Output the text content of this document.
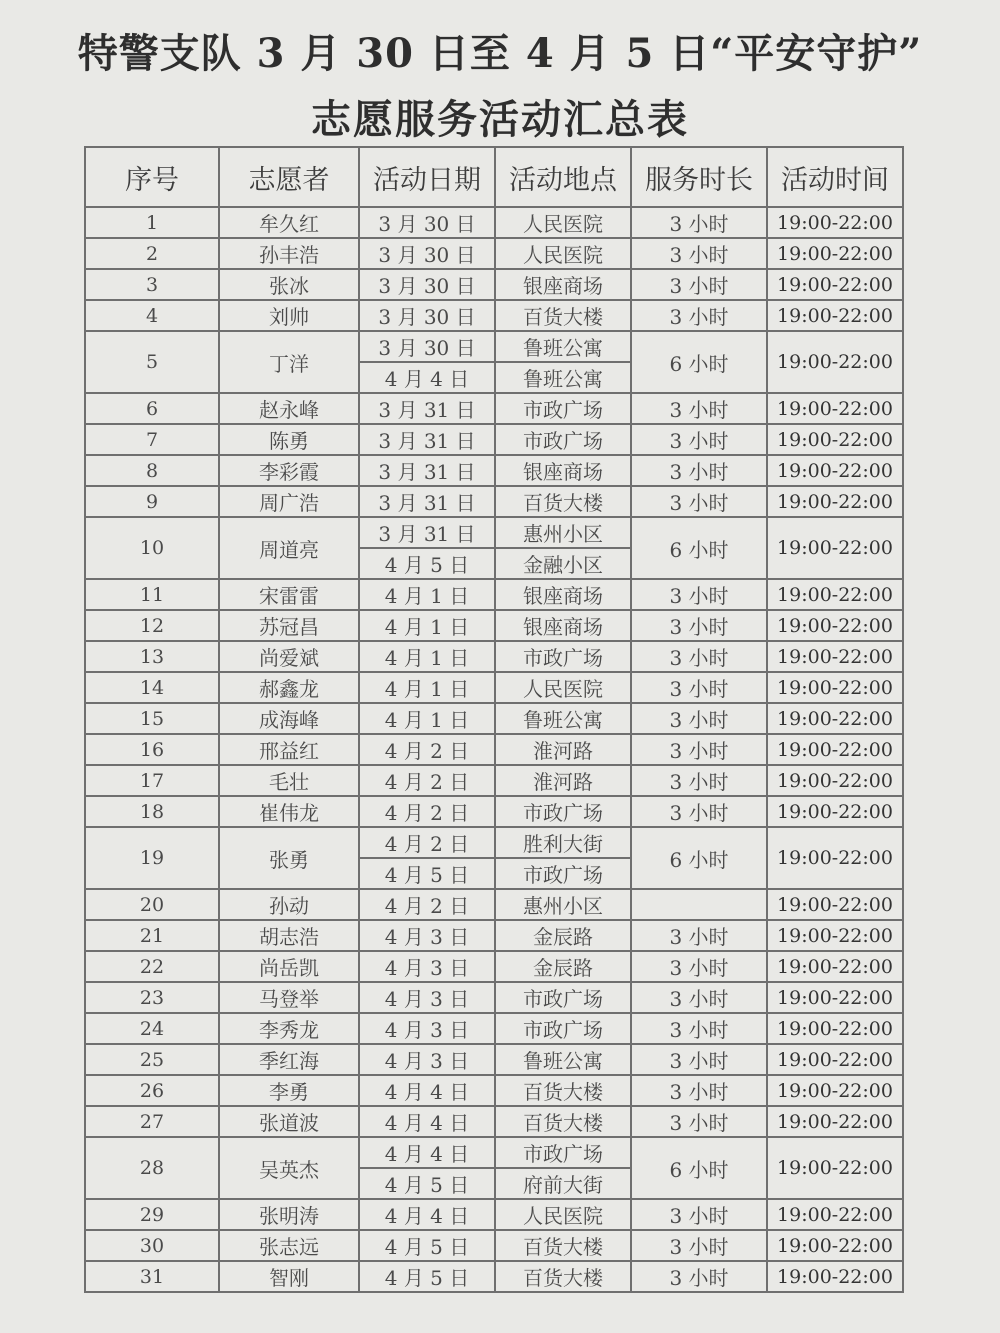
特警支队 3 月 30 日至 4 月 5 日“平安守护”
志愿服务活动汇总表
序号	志愿者	活动日期	活动地点	服务时长	活动时间
1	牟久红	3 月 30 日	人民医院	3 小时	19:00-22:00
2	孙丰浩	3 月 30 日	人民医院	3 小时	19:00-22:00
3	张冰	3 月 30 日	银座商场	3 小时	19:00-22:00
4	刘帅	3 月 30 日	百货大楼	3 小时	19:00-22:00
5	丁洋	3 月 30 日	鲁班公寓	6 小时	19:00-22:00
		4 月 4 日	鲁班公寓		
6	赵永峰	3 月 31 日	市政广场	3 小时	19:00-22:00
7	陈勇	3 月 31 日	市政广场	3 小时	19:00-22:00
8	李彩霞	3 月 31 日	银座商场	3 小时	19:00-22:00
9	周广浩	3 月 31 日	百货大楼	3 小时	19:00-22:00
10	周道亮	3 月 31 日	惠州小区	6 小时	19:00-22:00
		4 月 5 日	金融小区		
11	宋雷雷	4 月 1 日	银座商场	3 小时	19:00-22:00
12	苏冠昌	4 月 1 日	银座商场	3 小时	19:00-22:00
13	尚爱斌	4 月 1 日	市政广场	3 小时	19:00-22:00
14	郝鑫龙	4 月 1 日	人民医院	3 小时	19:00-22:00
15	成海峰	4 月 1 日	鲁班公寓	3 小时	19:00-22:00
16	邢益红	4 月 2 日	淮河路	3 小时	19:00-22:00
17	毛壮	4 月 2 日	淮河路	3 小时	19:00-22:00
18	崔伟龙	4 月 2 日	市政广场	3 小时	19:00-22:00
19	张勇	4 月 2 日	胜利大街	6 小时	19:00-22:00
		4 月 5 日	市政广场		
20	孙动	4 月 2 日	惠州小区		19:00-22:00
21	胡志浩	4 月 3 日	金辰路	3 小时	19:00-22:00
22	尚岳凯	4 月 3 日	金辰路	3 小时	19:00-22:00
23	马登举	4 月 3 日	市政广场	3 小时	19:00-22:00
24	李秀龙	4 月 3 日	市政广场	3 小时	19:00-22:00
25	季红海	4 月 3 日	鲁班公寓	3 小时	19:00-22:00
26	李勇	4 月 4 日	百货大楼	3 小时	19:00-22:00
27	张道波	4 月 4 日	百货大楼	3 小时	19:00-22:00
28	吴英杰	4 月 4 日	市政广场	6 小时	19:00-22:00
		4 月 5 日	府前大街		
29	张明涛	4 月 4 日	人民医院	3 小时	19:00-22:00
30	张志远	4 月 5 日	百货大楼	3 小时	19:00-22:00
31	智刚	4 月 5 日	百货大楼	3 小时	19:00-22:00
